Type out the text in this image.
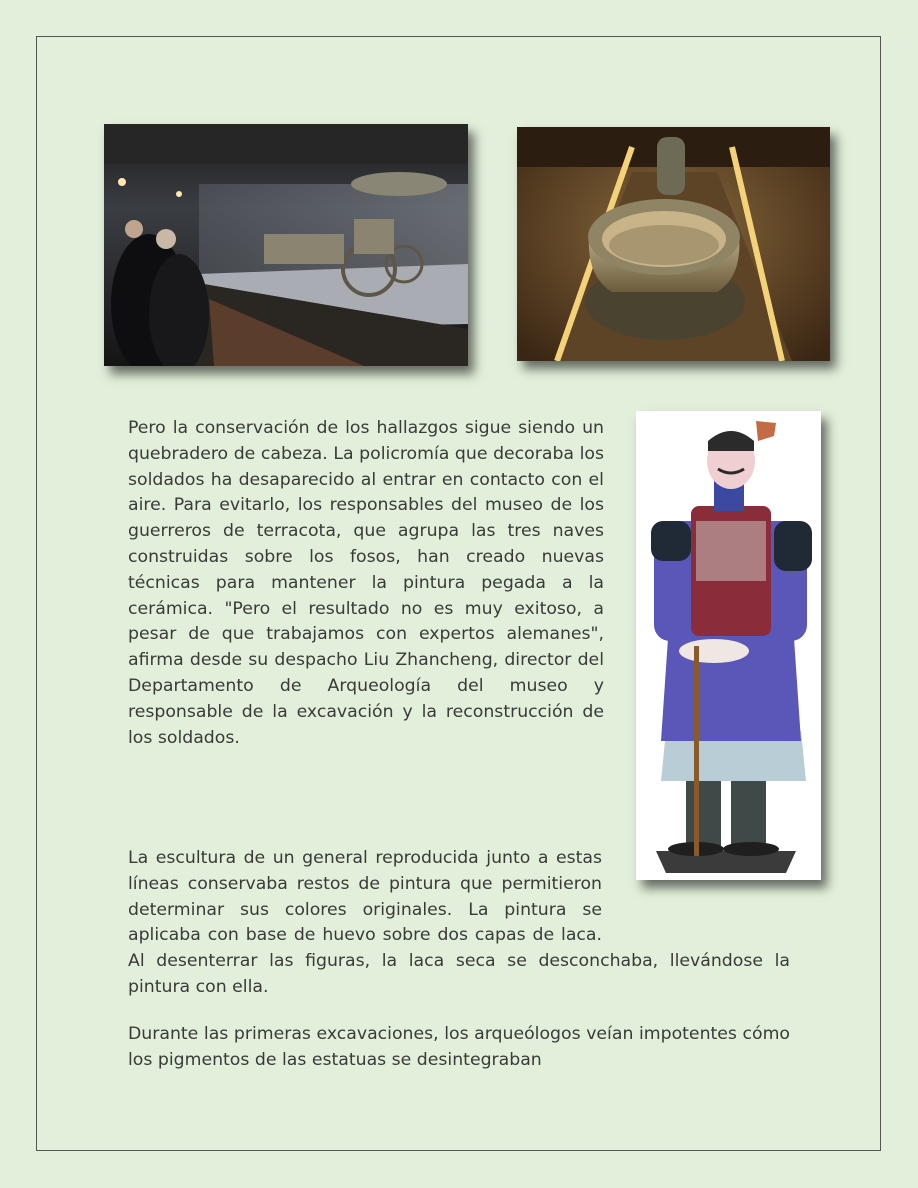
Pero la conservación de los hallazgos sigue siendo un quebradero de cabeza. La policromía que decoraba los soldados ha desaparecido al entrar en contacto con el aire. Para evitarlo, los responsables del museo de los guerreros de terracota, que agrupa las tres naves construidas sobre los fosos, han creado nuevas técnicas para mantener la pintura pegada a la cerámica. "Pero el resultado no es muy exitoso, a pesar de que trabajamos con expertos alemanes", afirma desde su despacho Liu Zhancheng, director del Departamento de Arqueología del museo y responsable de la excavación y la reconstrucción de los soldados.

La escultura de un general reproducida junto a estas líneas conservaba restos de pintura que permitieron determinar sus colores originales. La pintura se aplicaba con base de huevo sobre dos capas de laca. Al desenterrar las figuras, la laca seca se desconchaba, llevándose la pintura con ella.

Durante las primeras excavaciones, los arqueólogos veían impotentes cómo los pigmentos de las estatuas se desintegraban
